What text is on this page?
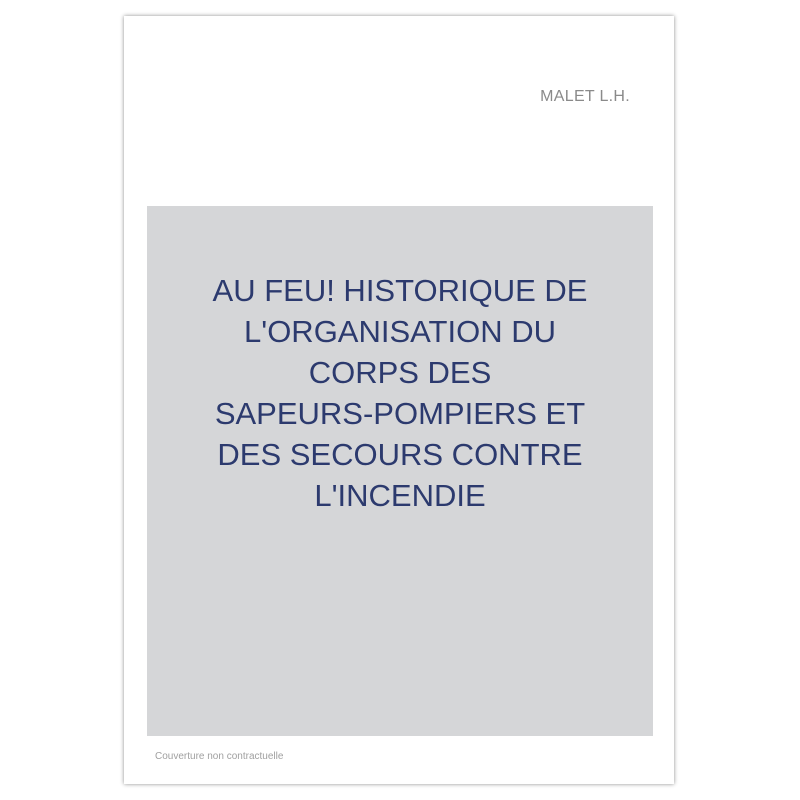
MALET L.H.
AU FEU! HISTORIQUE DE
L'ORGANISATION DU
CORPS DES
SAPEURS-POMPIERS ET
DES SECOURS CONTRE
L'INCENDIE
Couverture non contractuelle
